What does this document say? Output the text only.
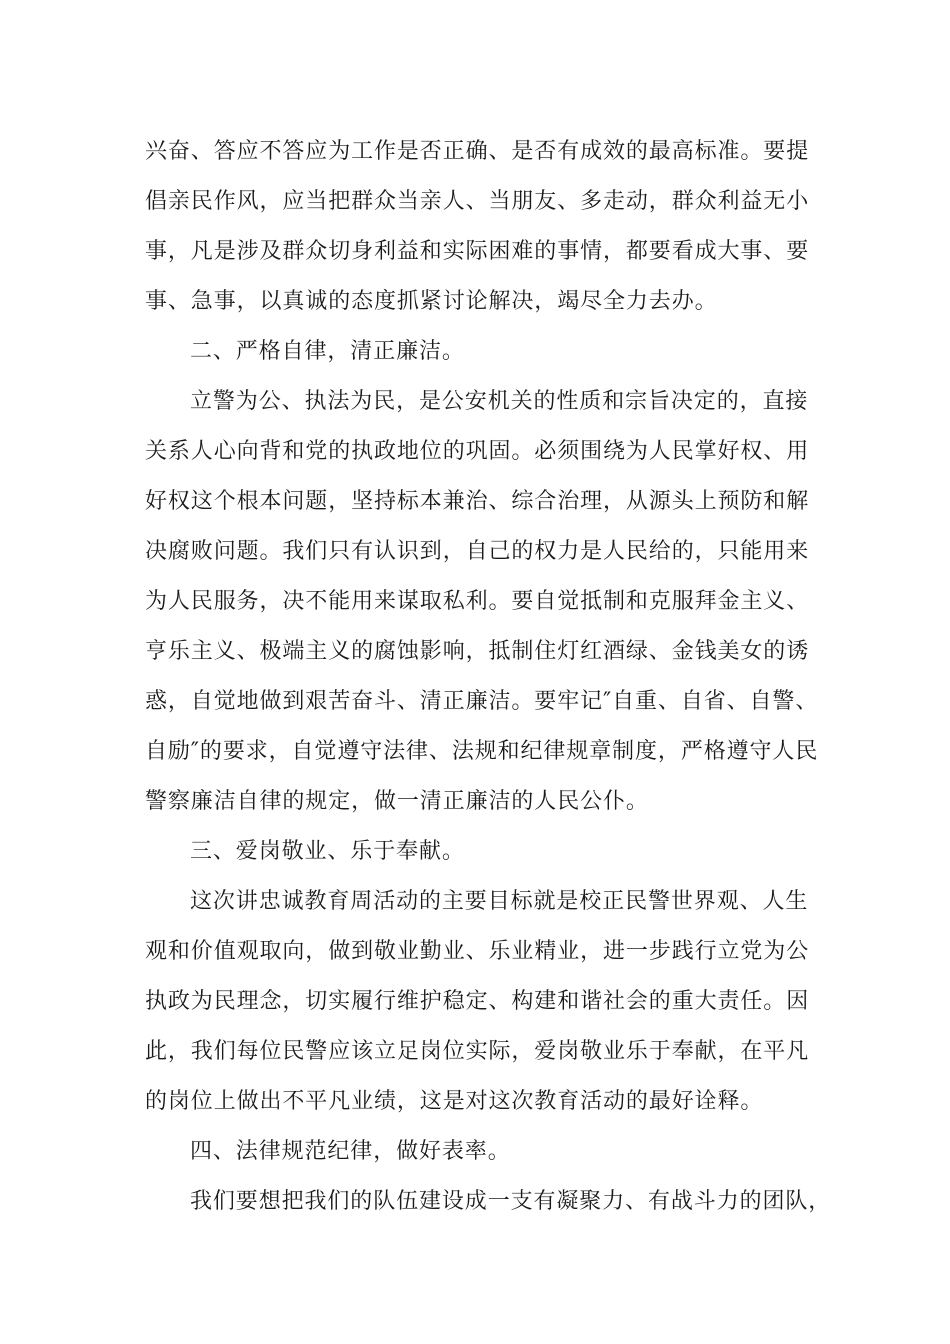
兴奋、答应不答应为工作是否正确、是否有成效的最高标准。要提

倡亲民作风，应当把群众当亲人、当朋友、多走动，群众利益无小

事，凡是涉及群众切身利益和实际困难的事情，都要看成大事、要

事、急事，以真诚的态度抓紧讨论解决，竭尽全力去办。

二、严格自律，清正廉洁。

立警为公、执法为民，是公安机关的性质和宗旨决定的，直接

关系人心向背和党的执政地位的巩固。必须围绕为人民掌好权、用

好权这个根本问题，坚持标本兼治、综合治理，从源头上预防和解

决腐败问题。我们只有认识到，自己的权力是人民给的，只能用来

为人民服务，决不能用来谋取私利。要自觉抵制和克服拜金主义、

亨乐主义、极端主义的腐蚀影响，抵制住灯红酒绿、金钱美女的诱

惑，自觉地做到艰苦奋斗、清正廉洁。要牢记″自重、自省、自警、

自励″的要求，自觉遵守法律、法规和纪律规章制度，严格遵守人民

警察廉洁自律的规定，做一清正廉洁的人民公仆。

三、爱岗敬业、乐于奉献。

这次讲忠诚教育周活动的主要目标就是校正民警世界观、人生

观和价值观取向，做到敬业勤业、乐业精业，进一步践行立党为公

执政为民理念，切实履行维护稳定、构建和谐社会的重大责任。因

此，我们每位民警应该立足岗位实际，爱岗敬业乐于奉献，在平凡

的岗位上做出不平凡业绩，这是对这次教育活动的最好诠释。

四、法律规范纪律，做好表率。

我们要想把我们的队伍建设成一支有凝聚力、有战斗力的团队，
